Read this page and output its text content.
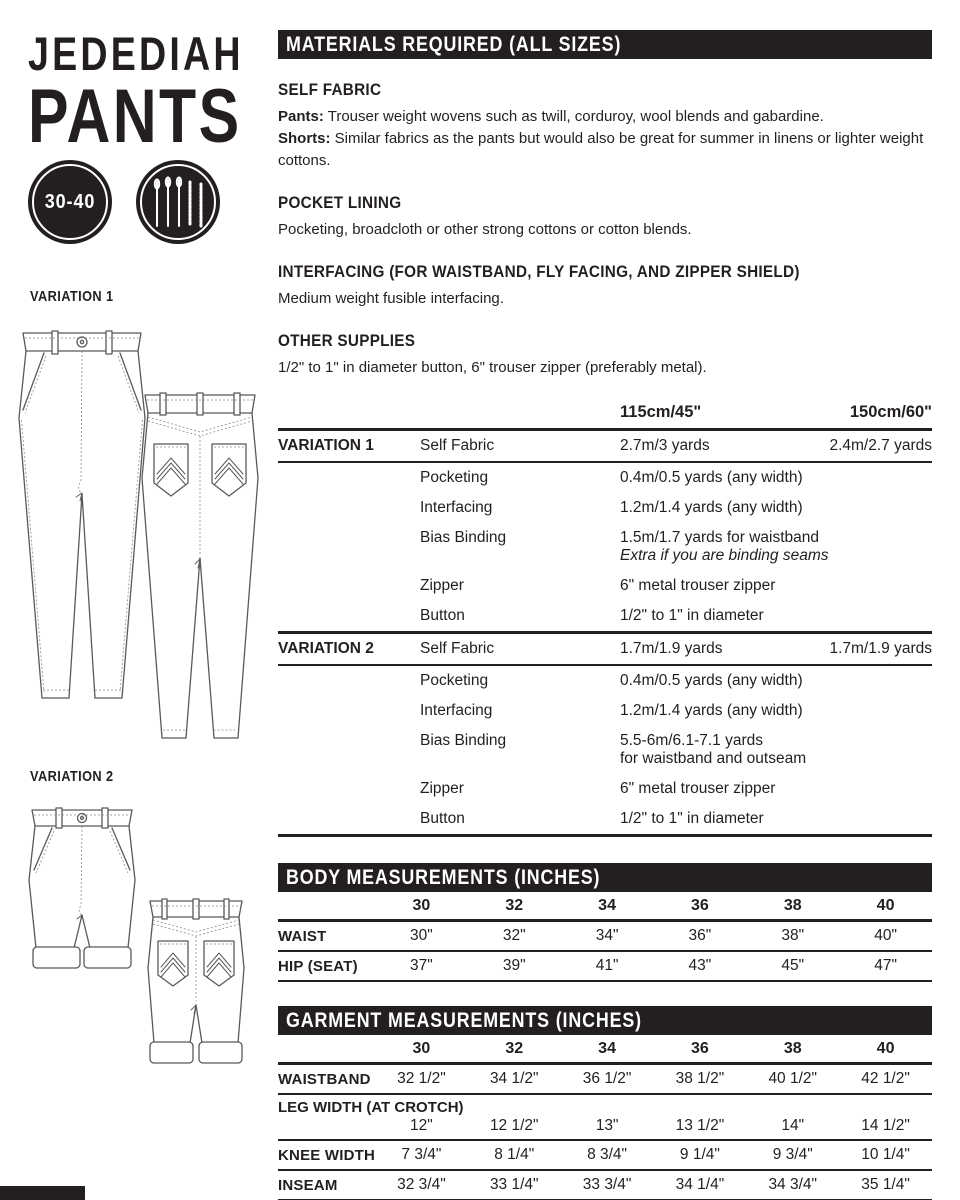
JEDEDIAH
PANTS
30-40
VARIATION 1
VARIATION 2
MATERIALS REQUIRED (ALL SIZES)
SELF FABRIC

Pants: Trouser weight wovens such as twill, corduroy, wool blends and gabardine.
Shorts: Similar fabrics as the pants but would also be great for summer in linens or lighter weight cottons.

POCKET LINING

Pocketing, broadcloth or other strong cottons or cotton blends.

INTERFACING (FOR WAISTBAND, FLY FACING, AND ZIPPER SHIELD)

Medium weight fusible interfacing.

OTHER SUPPLIES

1/2" to 1" in diameter button, 6" trouser zipper (preferably metal).

115cm/45"	150cm/60"
VARIATION 1	Self Fabric	2.7m/3 yards	2.4m/2.7 yards
Pocketing	0.4m/0.5 yards (any width)
Interfacing	1.2m/1.4 yards (any width)
Bias Binding	1.5m/1.7 yards for waistband
Extra if you are binding seams
Zipper	6" metal trouser zipper
Button	1/2" to 1" in diameter
VARIATION 2	Self Fabric	1.7m/1.9 yards	1.7m/1.9 yards
Pocketing	0.4m/0.5 yards (any width)
Interfacing	1.2m/1.4 yards (any width)
Bias Binding	5.5-6m/6.1-7.1 yards
for waistband and outseam
Zipper	6" metal trouser zipper
Button	1/2" to 1" in diameter
BODY MEASUREMENTS (INCHES)
30	32	34	36	38	40
WAIST	30"	32"	34"	36"	38"	40"
HIP (SEAT)	37"	39"	41"	43"	45"	47"
GARMENT MEASUREMENTS (INCHES)
30	32	34	36	38	40
WAISTBAND	32 1/2"	34 1/2"	36 1/2"	38 1/2"	40 1/2"	42 1/2"
LEG WIDTH (AT CROTCH)
12"	12 1/2"	13"	13 1/2"	14"	14 1/2"
KNEE WIDTH	7 3/4"	8 1/4"	8 3/4"	9 1/4"	9 3/4"	10 1/4"
INSEAM	32 3/4"	33 1/4"	33 3/4"	34 1/4"	34 3/4"	35 1/4"
